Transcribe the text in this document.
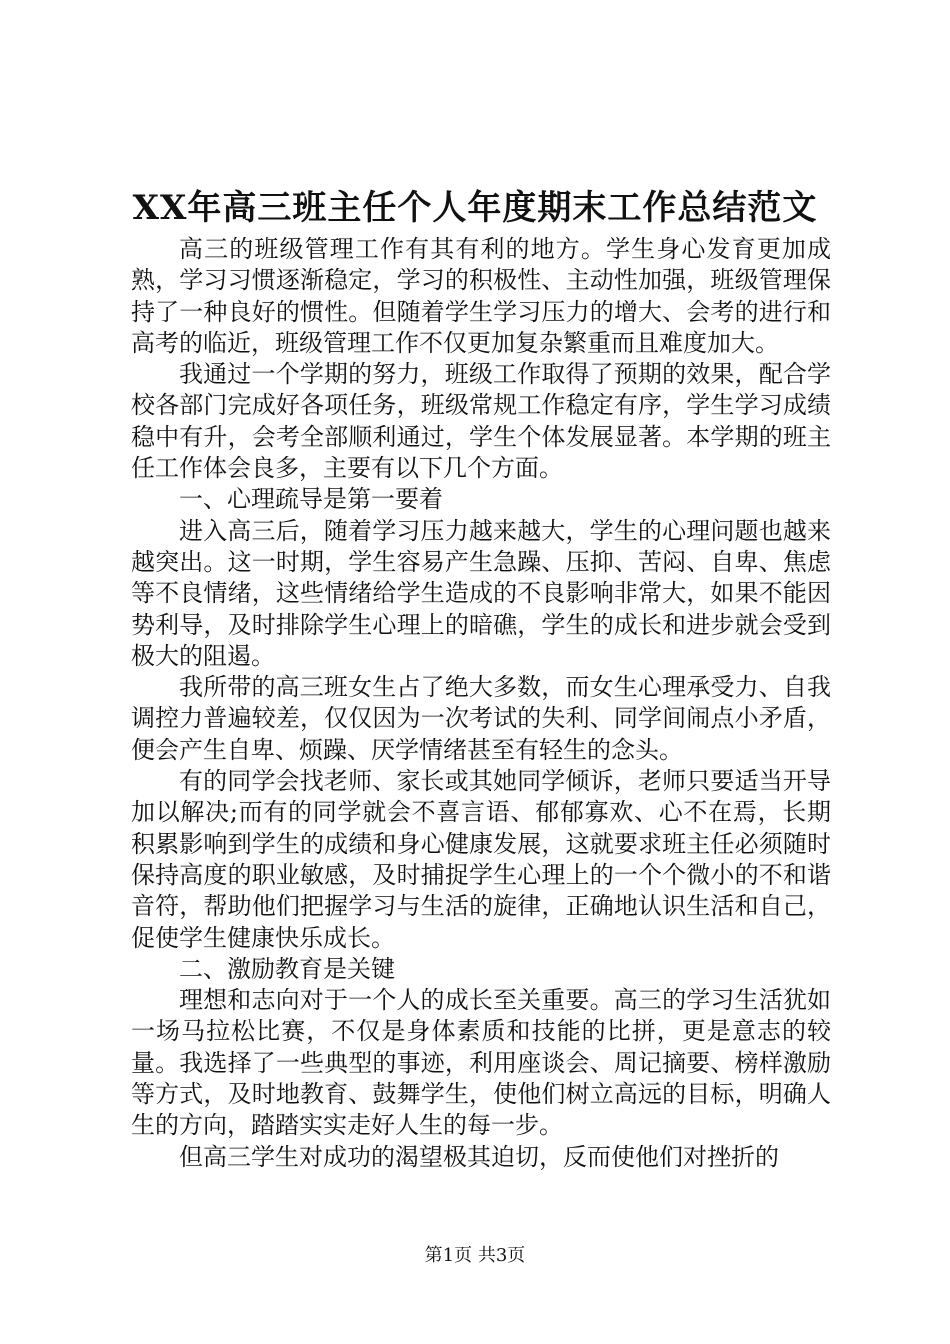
XX年高三班主任个人年度期末工作总结范文

高三的班级管理工作有其有利的地方。学生身心发育更加成熟，学习习惯逐渐稳定，学习的积极性、主动性加强，班级管理保持了一种良好的惯性。但随着学生学习压力的增大、会考的进行和高考的临近，班级管理工作不仅更加复杂繁重而且难度加大。

我通过一个学期的努力，班级工作取得了预期的效果，配合学校各部门完成好各项任务，班级常规工作稳定有序，学生学习成绩稳中有升，会考全部顺利通过，学生个体发展显著。本学期的班主任工作体会良多，主要有以下几个方面。

一、心理疏导是第一要着

进入高三后，随着学习压力越来越大，学生的心理问题也越来越突出。这一时期，学生容易产生急躁、压抑、苦闷、自卑、焦虑等不良情绪，这些情绪给学生造成的不良影响非常大，如果不能因势利导，及时排除学生心理上的暗礁，学生的成长和进步就会受到极大的阻遏。

我所带的高三班女生占了绝大多数，而女生心理承受力、自我调控力普遍较差，仅仅因为一次考试的失利、同学间闹点小矛盾，便会产生自卑、烦躁、厌学情绪甚至有轻生的念头。

有的同学会找老师、家长或其她同学倾诉，老师只要适当开导加以解决;而有的同学就会不喜言语、郁郁寡欢、心不在焉，长期积累影响到学生的成绩和身心健康发展，这就要求班主任必须随时保持高度的职业敏感，及时捕捉学生心理上的一个个微小的不和谐音符，帮助他们把握学习与生活的旋律，正确地认识生活和自己，促使学生健康快乐成长。

二、激励教育是关键

理想和志向对于一个人的成长至关重要。高三的学习生活犹如一场马拉松比赛，不仅是身体素质和技能的比拼，更是意志的较量。我选择了一些典型的事迹，利用座谈会、周记摘要、榜样激励等方式，及时地教育、鼓舞学生，使他们树立高远的目标，明确人生的方向，踏踏实实走好人生的每一步。

但高三学生对成功的渴望极其迫切，反而使他们对挫折的

第1页 共3页
